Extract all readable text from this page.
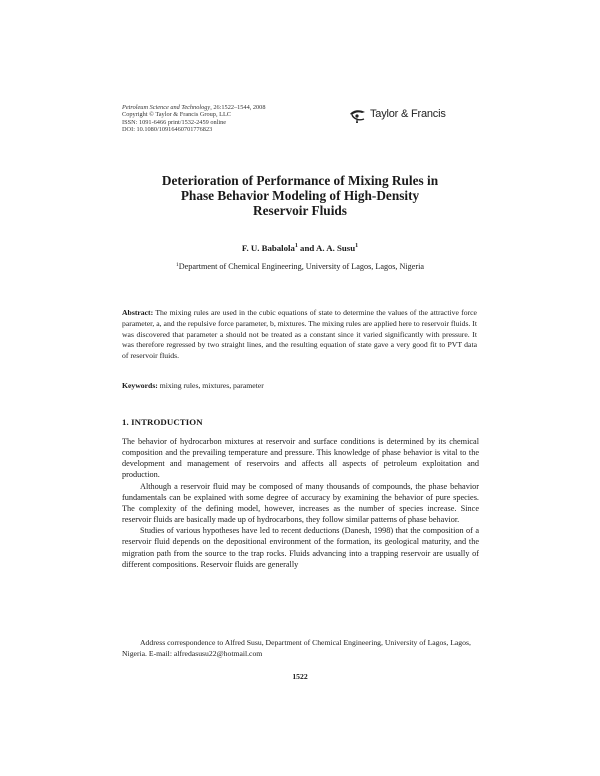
Petroleum Science and Technology, 26:1522–1544, 2008
Copyright © Taylor & Francis Group, LLC
ISSN: 1091-6466 print/1532-2459 online
DOI: 10.1080/10916460701776823
Taylor & Francis
Deterioration of Performance of Mixing Rules in
Phase Behavior Modeling of High-Density
Reservoir Fluids
F. U. Babalola$^1$ and A. A. Susu$^1$
$^1$Department of Chemical Engineering, University of Lagos, Lagos, Nigeria
Abstract: The mixing rules are used in the cubic equations of state to determine the values of the attractive force parameter, a, and the repulsive force parameter, b, mixtures. The mixing rules are applied here to reservoir fluids. It was discovered that parameter a should not be treated as a constant since it varied significantly with pressure. It was therefore regressed by two straight lines, and the resulting equation of state gave a very good fit to PVT data of reservoir fluids.
Keywords: mixing rules, mixtures, parameter
1. INTRODUCTION

The behavior of hydrocarbon mixtures at reservoir and surface conditions is determined by its chemical composition and the prevailing temperature and pressure. This knowledge of phase behavior is vital to the development and management of reservoirs and affects all aspects of petroleum exploitation and production.

Although a reservoir fluid may be composed of many thousands of compounds, the phase behavior fundamentals can be explained with some degree of accuracy by examining the behavior of pure species. The complexity of the defining model, however, increases as the number of species increase. Since reservoir fluids are basically made up of hydrocarbons, they follow similar patterns of phase behavior.

Studies of various hypotheses have led to recent deductions (Danesh, 1998) that the composition of a reservoir fluid depends on the depositional environment of the formation, its geological maturity, and the migration path from the source to the trap rocks. Fluids advancing into a trapping reservoir are usually of different compositions. Reservoir fluids are generally

Address correspondence to Alfred Susu, Department of Chemical Engineering, University of Lagos, Lagos, Nigeria. E-mail: alfredasusu22@hotmail.com
1522
